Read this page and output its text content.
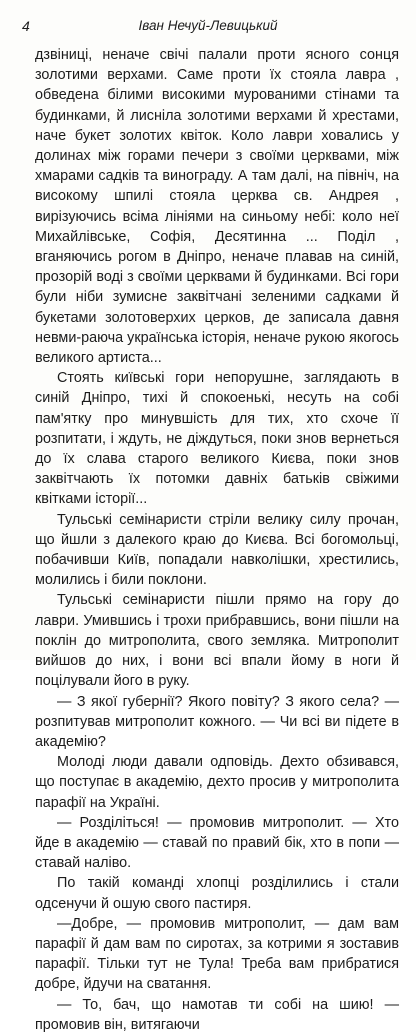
4	Іван Нечуй-Левицький

дзвіниці, неначе свічі палали проти ясного сонця золотими верхами. Саме проти їх стояла лавра , обведена білими високими мурованими стінами та будинками, й лисніла золотими верхами й хрестами, наче букет золотих квіток. Коло лаври ховались у долинах між горами печери з своїми церквами, між хмарами садків та винограду. А там далі, на північ, на високому шпилі стояла церква св. Андрея , вирізуючись всіма лініями на синьому небі: коло неї Михайлівське, Софія, Десятинна ... Поділ , вганяючись рогом в Дніпро, неначе плавав на синій, прозорій воді з своїми церквами й будинками. Всі гори були ніби зумисне заквітчані зеленими садками й букетами золотоверхих церков, де записала давня невми-раюча українська історія, неначе рукою якогось великого артиста...

Стоять київські гори непорушне, заглядають в синій Дніпро, тихі й спокоенькі, несуть на собі пам'ятку про минувшість для тих, хто схоче її розпитати, і ждуть, не діждуться, поки знов вернеться до їх слава старого великого Києва, поки знов заквітчають їх потомки давніх батьків свіжими квітками історії...

Тульські семінаристи стріли велику силу прочан, що йшли з далекого краю до Києва. Всі богомольці, побачивши Київ, попадали навколішки, хрестились, молились і били поклони.

Тульські семінаристи пішли прямо на гору до лаври. Умившись і трохи прибравшись, вони пішли на поклін до митрополита, свого земляка. Митрополит вийшов до них, і вони всі впали йому в ноги й поцілували його в руку.

— З якої губернії? Якого повіту? З якого села? — розпитував митрополит кожного. — Чи всі ви підете в академію?

Молоді люди давали одповідь. Дехто обзивався, що поступає в академію, дехто просив у митрополита парафії на Україні.

— Розділіться! — промовив митрополит. — Хто йде в академію — ставай по правий бік, хто в попи — ставай наліво.

По такій команді хлопці розділились і стали одсенучи й ошую свого пастиря.

—Добре, — промовив митрополит, — дам вам парафії й дам вам по сиротах, за котрими я зоставив парафії. Тільки тут не Тула! Треба вам прибратися добре, йдучи на сватання.

— То, бач, що намотав ти собі на шию! — промовив він, витягаючи
